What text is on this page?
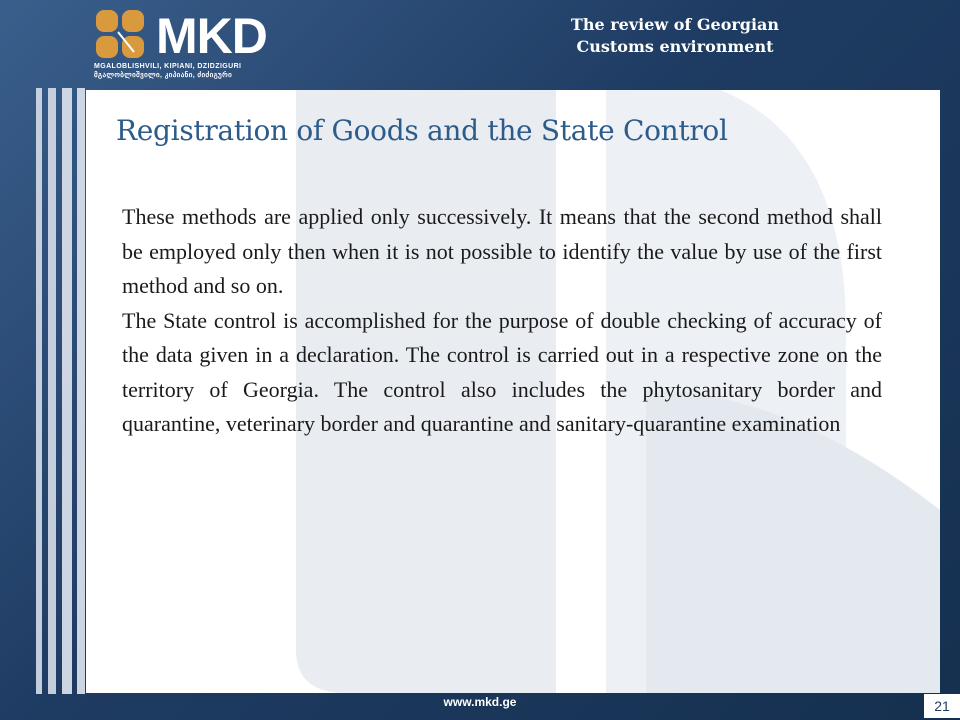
MKD
MGALOBLISHVILI, KIPIANI, DZIDZIGURI
მგალობლიშვილი, კიპიანი, ძიძიგური
The review of Georgian
Customs environment
Registration of Goods and the State Control

These methods are applied only successively. It means that the second method shall be employed only then when it is not possible to identify the value by use of the first method and so on.

The State control is accomplished for the purpose of double checking of accuracy of the data given in a declaration. The control is carried out in a respective zone on the territory of Georgia. The control also includes the phytosanitary border and quarantine, veterinary border and quarantine and sanitary-quarantine examination

www.mkd.ge	21
